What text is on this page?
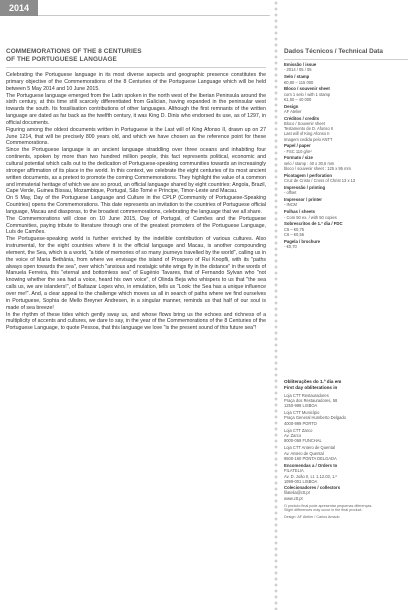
2014
COMMEMORATIONS OF THE 8 CENTURIES
OF THE PORTUGUESE LANGUAGE

Celebrating the Portuguese language in its most diverse aspects and geographic presence constitutes the primary objective of the Commemorations of the 8 Centuries of the Portuguese Language which will be held between 5 May 2014 and 10 June 2015.

The Portuguese language emerged from the Latin spoken in the north west of the Iberian Peninsula around the sixth century, at this time still scarcely differentiated from Galician, having expanded in the peninsular west towards the south. Its fossilisation contributions of other languages. Although the first remnants of the written language are dated as far back as the twelfth century, it was King D. Dinis who endorsed its use, as of 1297, in official documents.

Figuring among the oldest documents written in Portuguese is the Last will of King Afonso II, drawn up on 27 June 1214, that will be precisely 800 years old, and which we have chosen as the reference point for these Commemorations.

Since the Portuguese language is an ancient language straddling over three oceans and inhabiting four continents, spoken by more than two hundred million people, this fact represents political, economic and cultural potential which calls out to the dedication of Portuguese-speaking communities towards an increasingly stronger affirmation of its place in the world. In this context, we celebrate the eight centuries of its most ancient written documents, as a pretext to promote the coming Commemorations. They highlight the value of a common and immaterial heritage of which we are so proud, an official language shared by eight countries: Angola, Brazil, Cape Verde, Guinea Bissau, Mozambique, Portugal, São Tomé e Príncipe, Timor-Leste and Macau.

On 5 May, Day of the Portuguese Language and Culture in the CPLP (Community of Portuguese-Speaking Countries) opens the Commemorations. This date represents an invitation to the countries of Portuguese official language, Macau and diasporas, to the broadest commemorations, celebrating the language that we all share.

The Commemorations will close on 10 June 2015, Day of Portugal, of Camões and the Portuguese Communities, paying tribute to literature through one of the greatest promoters of the Portuguese Language, Luís de Camões.

The Portuguese-speaking world is further enriched by the indelible contribution of various cultures. Also instrumental, for the eight countries where it is the official language and Macau, is another compounding element, the Sea, which is a world, "a tide of memories of so many journeys travelled by the world", calling us in the voice of Maria Bethânia, from where we envisage the island of Prospero of Rui Knopfli, with its "paths always open towards the sea", over which "anxious and nostalgic white wings fly in the distance" in the words of Manuela Ferreira, this "eternal and bottomless sea" of Eugénio Tavares, that of Fernando Sylvan who "not knowing whether the sea had a voice, heard his own voice", of Olinda Beja who whispers to us that "the sea calls us, we are islanders!", of Baltazar Lopes who, in emulation, tells us "Look: the Sea has a unique influence over me!". And, a clear appeal to the challenge which moves us all in search of paths where we find ourselves in Portuguese, Sophia de Mello Breyner Andresen, in a singular manner, reminds us that half of our soul is made of sea breeze!

In the rhythm of these tides which gently sway us, and whose flows bring us the echoes and richness of a multiplicity of accents and cultures, we dare to say, in the year of the Commemorations of the 8 Centuries of the Portuguese Language, to quote Pessoa, that this language we love "is the present sound of this future sea"!

Dados Técnicos / Technical Data
Emissão / issue
- 2014 / 05 / 05
Selo / stamp
€0,80 – 115 000
Bloco / souvenir sheet
com 1 selo / with 1 stamp
€1,50 – 40 000
Design
AF Atelier
Créditos / credits
Bloco / Souvenir sheet
Testamento de D. Afonso II
Last will of King Afonso II
Imagem cedida pelo ANTT
Papel / paper
- FSC 110 g/m²
Formato / size
selo / stamp : 40 x 30,6 mm
bloco / souvenir sheet : 125 x 95 mm
Picotagem / perforation
Cruz de Cristo / Cross of Christ 13 x 13
Impressão / printing
- offset
Impressor / printer
- INCM
Folhas / sheets
- Com 50 ex. / with 50 copies
Sobrescritos de 1.º dia / FDC
C5 – €0,75
C6 – €0,56
Pagela / brochure
- €0,70
Obliterações do 1.º dia em
First day obliterations in
Loja CTT Restauradores
Praça dos Restauradores, 58
1250-998 LISBOA
Loja CTT Município
Praça General Humberto Delgado
4000-999 PORTO
Loja CTT Zarco
Av. Zarco
9000-069 FUNCHAL
Loja CTT Antero de Quental
Av. Antero de Quental
9500-160 PONTA DELGADA
Encomendas a / Orders to
FILATELIA
Av. D. João II, Lt. 1.12.03, 1.º
1999-001 LISBOA
Colecionadores / collectors
filatelia@ctt.pt
www.ctt.pt
O produto final pode apresentar pequenas diferenças.
Slight differences may occur in the final product.
Design: AF Atelier / Carlos Amado
